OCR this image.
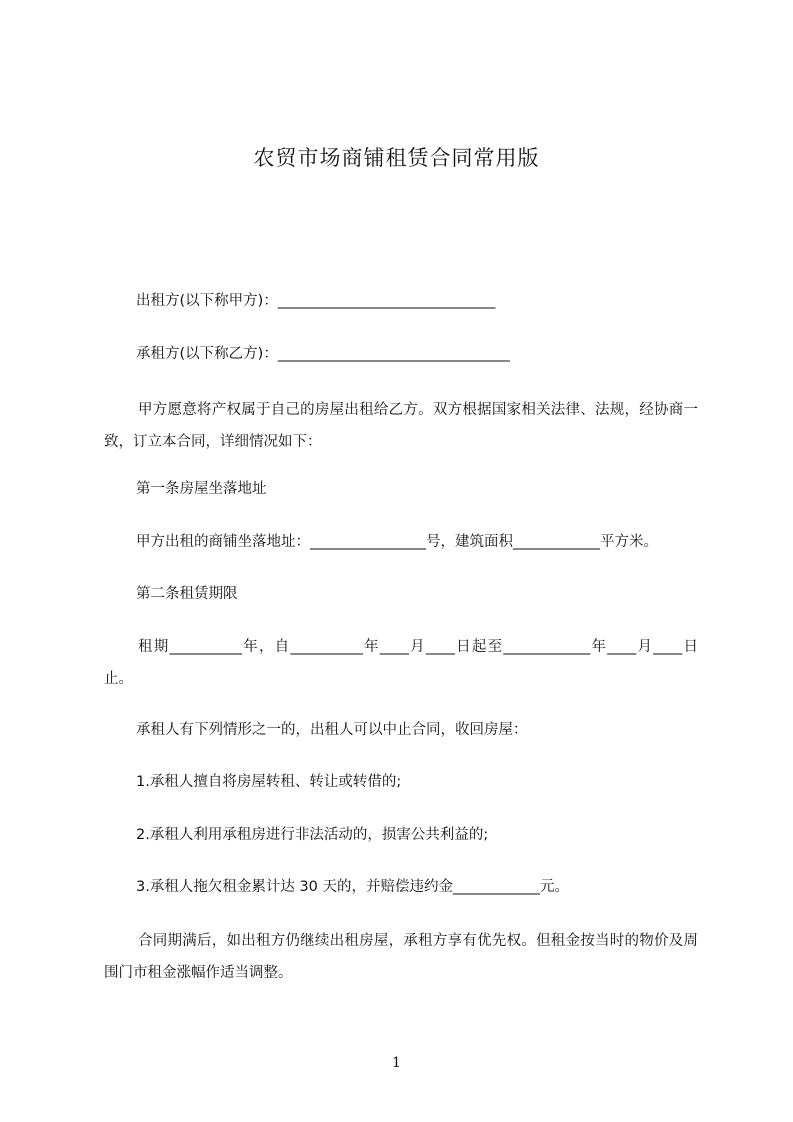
农贸市场商铺租赁合同常用版
出租方(以下称甲方)：______________________________
承租方(以下称乙方)：________________________________
甲方愿意将产权属于自己的房屋出租给乙方。双方根据国家相关法律、法规，经协商一致，订立本合同，详细情况如下：
第一条房屋坐落地址
甲方出租的商铺坐落地址：________________号，建筑面积____________平方米。
第二条租赁期限
租期__________年，自__________年____月____日起至____________年____月____日止。
承租人有下列情形之一的，出租人可以中止合同，收回房屋：
1.承租人擅自将房屋转租、转让或转借的;
2.承租人利用承租房进行非法活动的，损害公共利益的;
3.承租人拖欠租金累计达 30 天的，并赔偿违约金____________元。
合同期满后，如出租方仍继续出租房屋，承租方享有优先权。但租金按当时的物价及周围门市租金涨幅作适当调整。
1
